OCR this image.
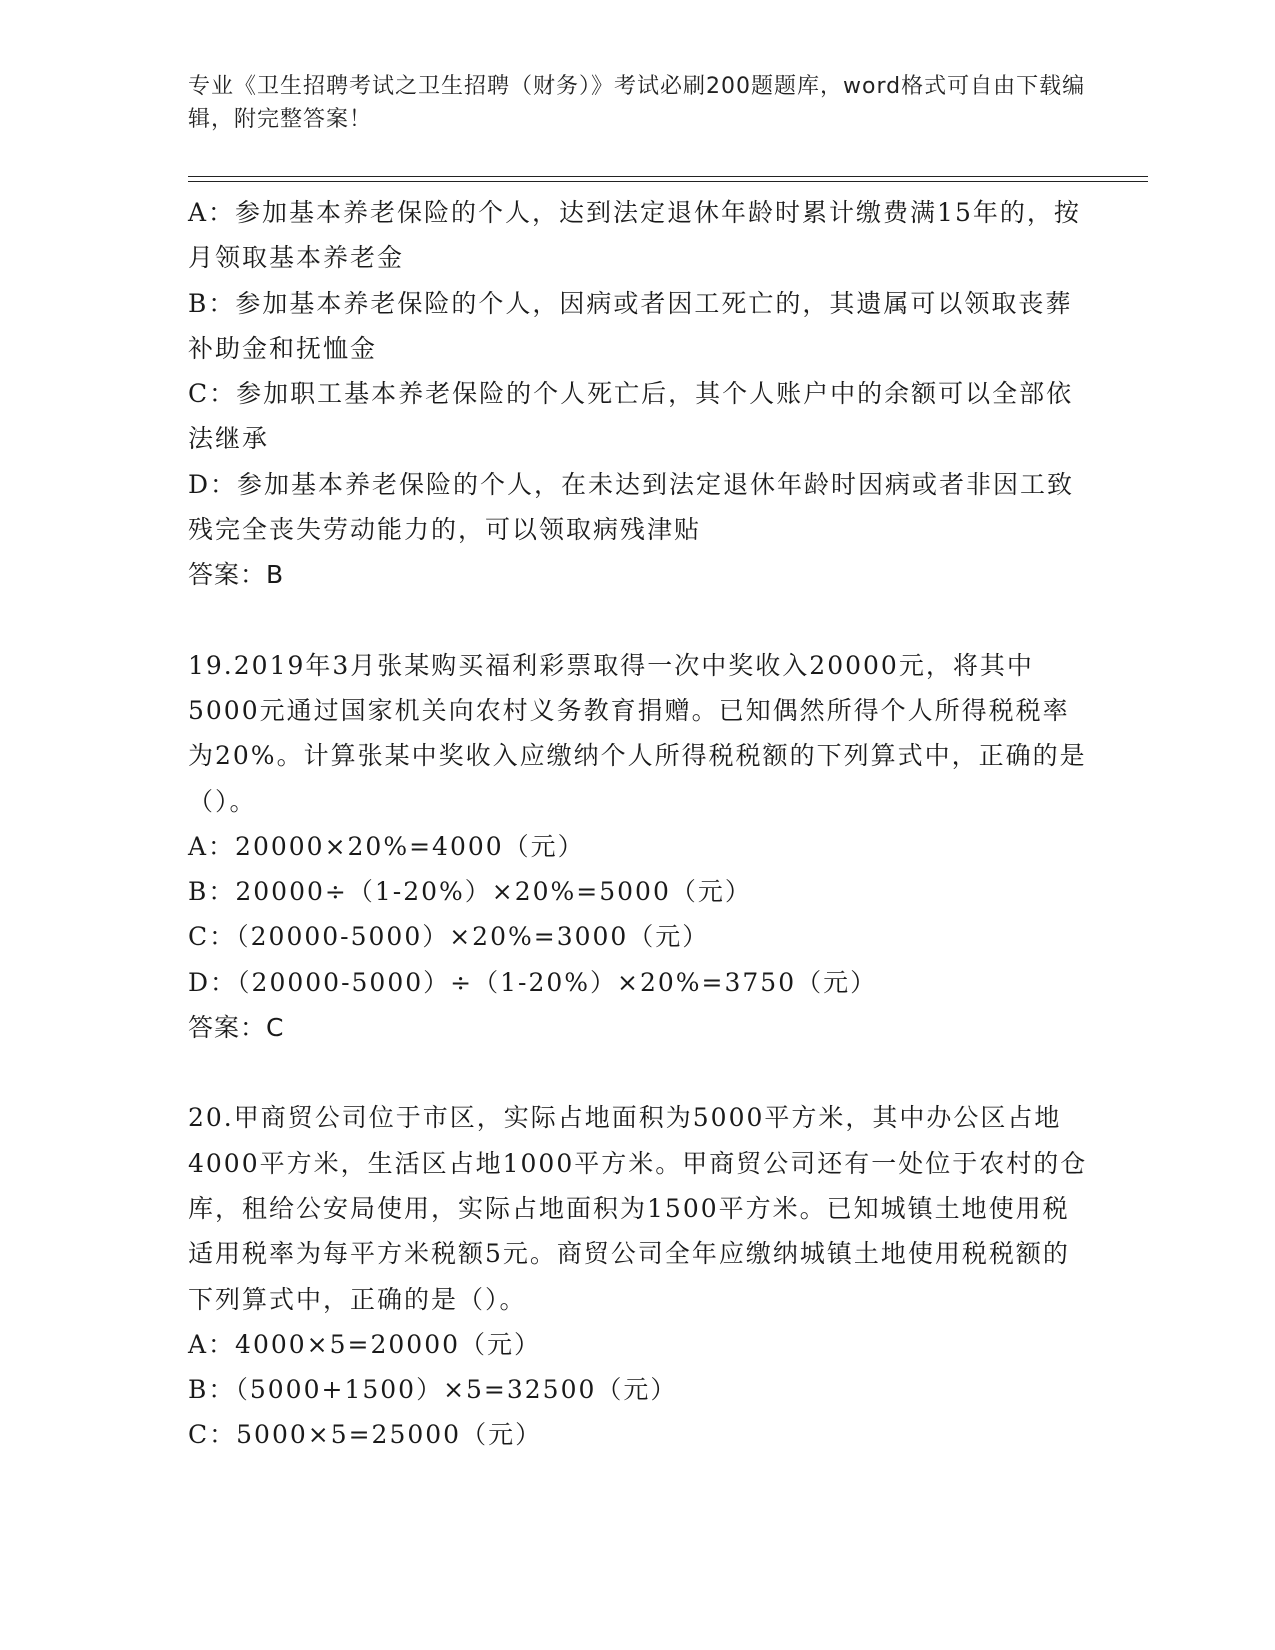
专业《卫生招聘考试之卫生招聘（财务）》考试必刷200题题库，word格式可自由下载编辑，附完整答案！

A：参加基本养老保险的个人，达到法定退休年龄时累计缴费满15年的，按月领取基本养老金

B：参加基本养老保险的个人，因病或者因工死亡的，其遗属可以领取丧葬补助金和抚恤金

C：参加职工基本养老保险的个人死亡后，其个人账户中的余额可以全部依法继承

D：参加基本养老保险的个人，在未达到法定退休年龄时因病或者非因工致残完全丧失劳动能力的，可以领取病残津贴

答案：B

19.2019年3月张某购买福利彩票取得一次中奖收入20000元，将其中5000元通过国家机关向农村义务教育捐赠。已知偶然所得个人所得税税率为20%。计算张某中奖收入应缴纳个人所得税税额的下列算式中，正确的是（）。

A：20000×20%=4000（元）

B：20000÷（1-20%）×20%=5000（元）

C：（20000-5000）×20%=3000（元）

D：（20000-5000）÷（1-20%）×20%=3750（元）

答案：C

20.甲商贸公司位于市区，实际占地面积为5000平方米，其中办公区占地4000平方米，生活区占地1000平方米。甲商贸公司还有一处位于农村的仓库，租给公安局使用，实际占地面积为1500平方米。已知城镇土地使用税适用税率为每平方米税额5元。商贸公司全年应缴纳城镇土地使用税税额的下列算式中，正确的是（）。

A：4000×5=20000（元）

B：（5000+1500）×5=32500（元）

C：5000×5=25000（元）
